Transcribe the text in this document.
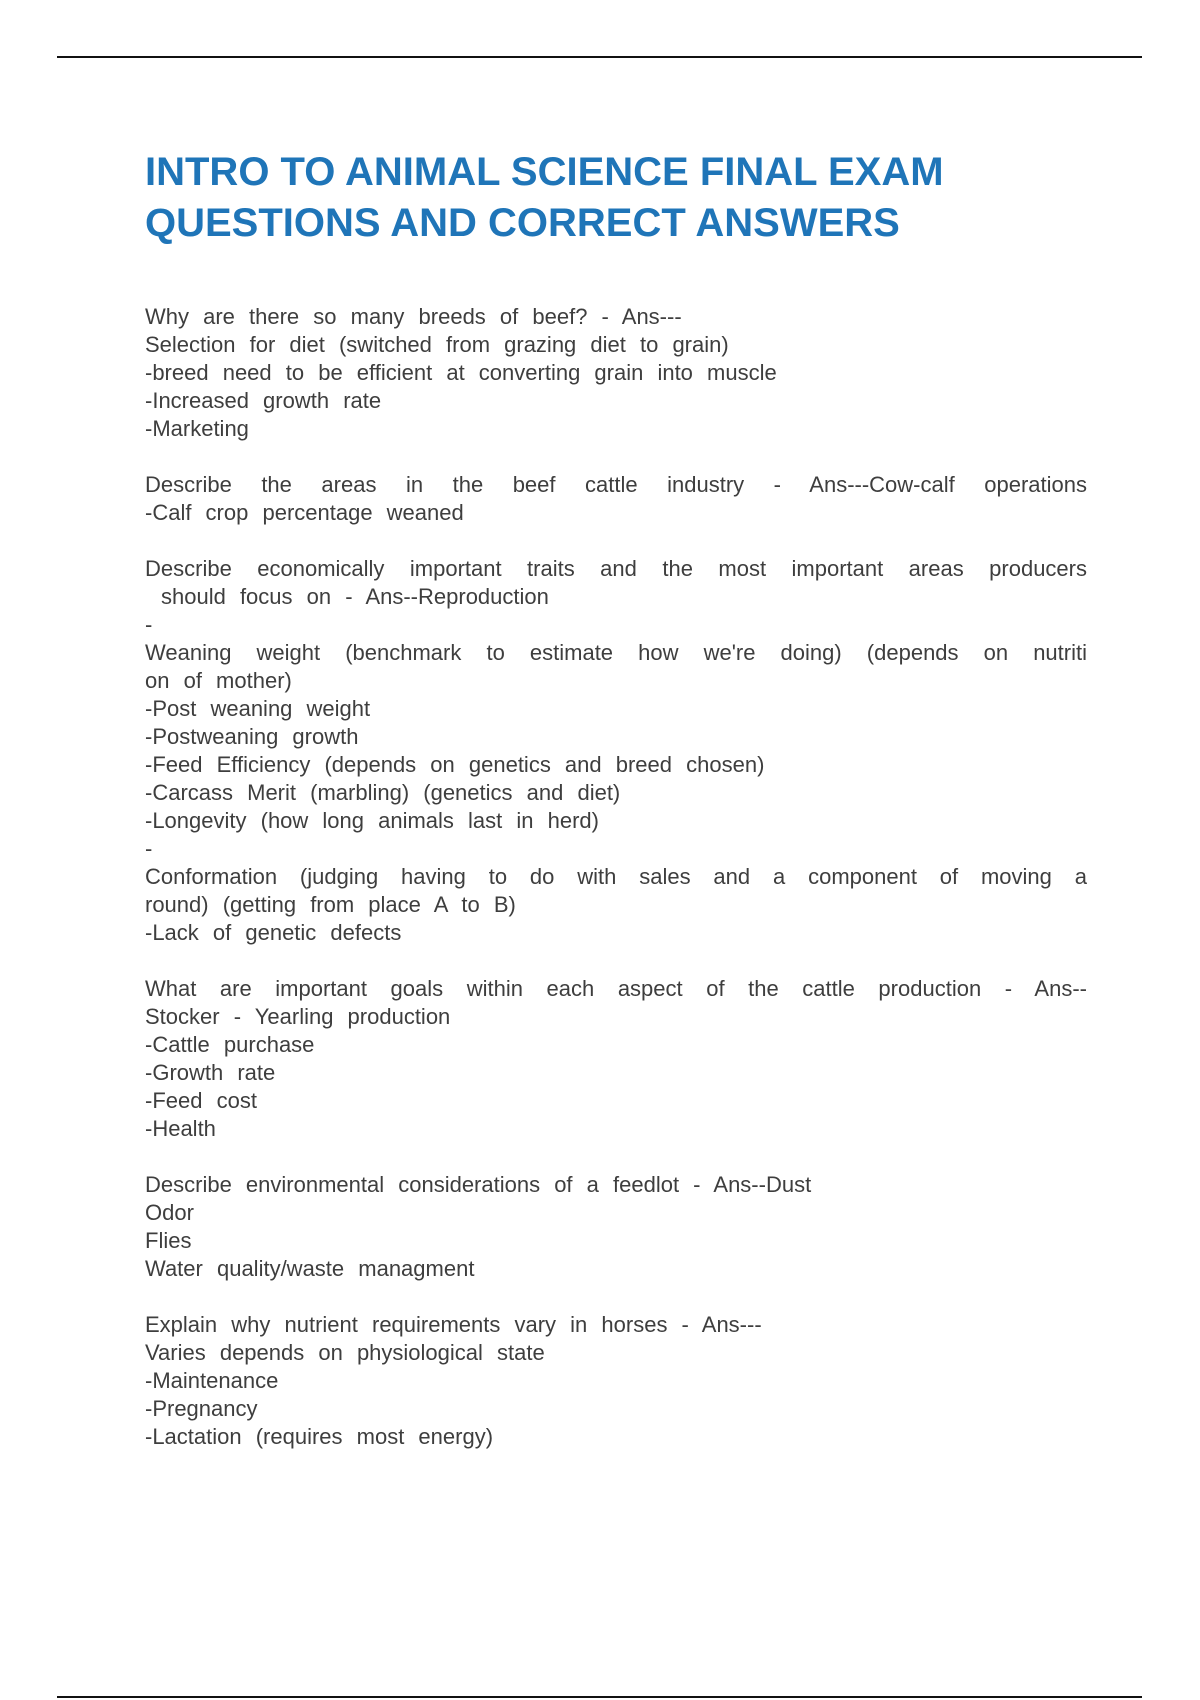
INTRO TO ANIMAL SCIENCE FINAL EXAM
QUESTIONS AND CORRECT ANSWERS
Why are there so many breeds of beef? - Ans---
Selection for diet (switched from grazing diet to grain)
-breed need to be efficient at converting grain into muscle
-Increased growth rate
-Marketing
Describe the areas in the beef cattle industry - Ans---Cow-calf operations
-Calf crop percentage weaned
Describe economically important traits and the most important areas producers
should focus on - Ans--Reproduction
-
Weaning weight (benchmark to estimate how we're doing) (depends on nutriti
on of mother)
-Post weaning weight
-Postweaning growth
-Feed Efficiency (depends on genetics and breed chosen)
-Carcass Merit (marbling) (genetics and diet)
-Longevity (how long animals last in herd)
-
Conformation (judging having to do with sales and a component of moving a
round) (getting from place A to B)
-Lack of genetic defects
What are important goals within each aspect of the cattle production - Ans--
Stocker - Yearling production
-Cattle purchase
-Growth rate
-Feed cost
-Health
Describe environmental considerations of a feedlot - Ans--Dust
Odor
Flies
Water quality/waste managment
Explain why nutrient requirements vary in horses - Ans---
Varies depends on physiological state
-Maintenance
-Pregnancy
-Lactation (requires most energy)
